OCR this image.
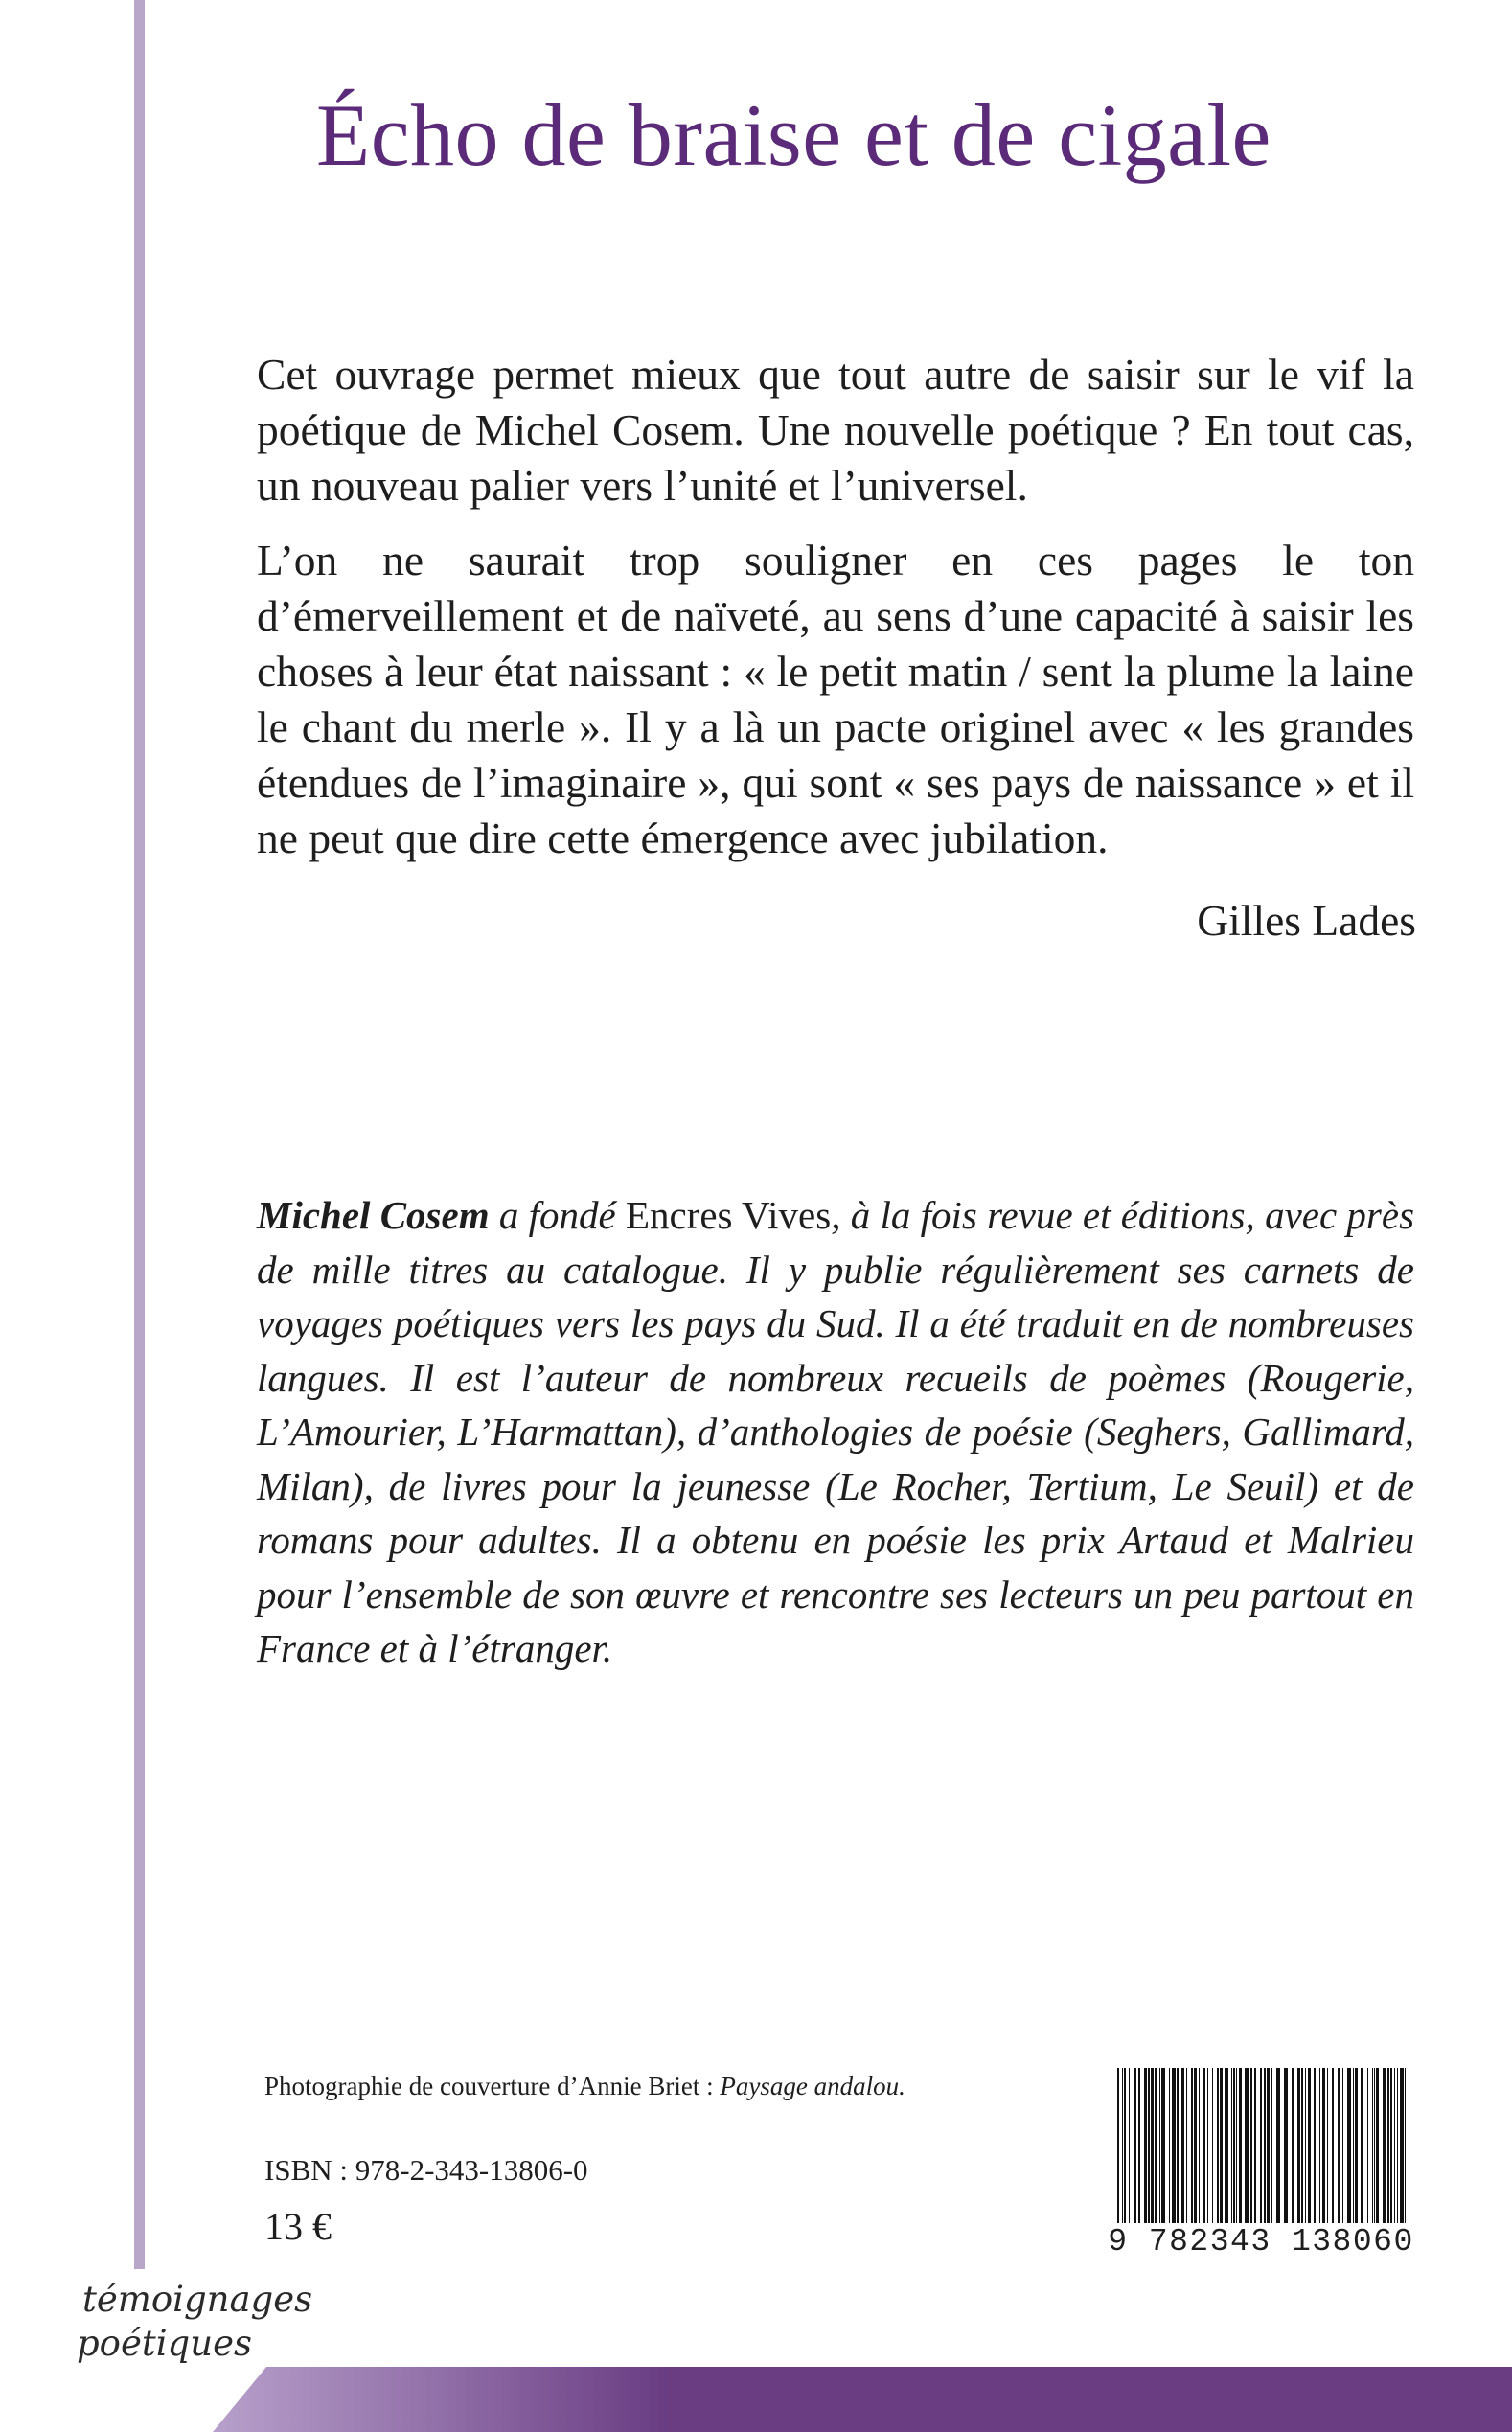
Écho de braise et de cigale

Cet ouvrage permet mieux que tout autre de saisir sur le vif la poétique de Michel Cosem. Une nouvelle poétique ? En tout cas, un nouveau palier vers l’unité et l’universel.

L’on ne saurait trop souligner en ces pages le ton d’émerveillement et de naïveté, au sens d’une capacité à saisir les choses à leur état naissant : « le petit matin / sent la plume la laine le chant du merle ». Il y a là un pacte originel avec « les grandes étendues de l’imaginaire », qui sont « ses pays de naissance » et il ne peut que dire cette émergence avec jubilation.

Gilles Lades
Michel Cosem a fondé Encres Vives, à la fois revue et éditions, avec près de mille titres au catalogue. Il y publie régulièrement ses carnets de voyages poétiques vers les pays du Sud. Il a été traduit en de nombreuses langues. Il est l’auteur de nombreux recueils de poèmes (Rougerie, L’Amourier, L’Harmattan), d’anthologies de poésie (Seghers, Gallimard, Milan), de livres pour la jeunesse (Le Rocher, Tertium, Le Seuil) et de romans pour adultes. Il a obtenu en poésie les prix Artaud et Malrieu pour l’ensemble de son œuvre et rencontre ses lecteurs un peu partout en France et à l’étranger.
Photographie de couverture d’Annie Briet : Paysage andalou.
ISBN : 978-2-343-13806-0
13 €	9 782343 138060
témoignages
poétiques
